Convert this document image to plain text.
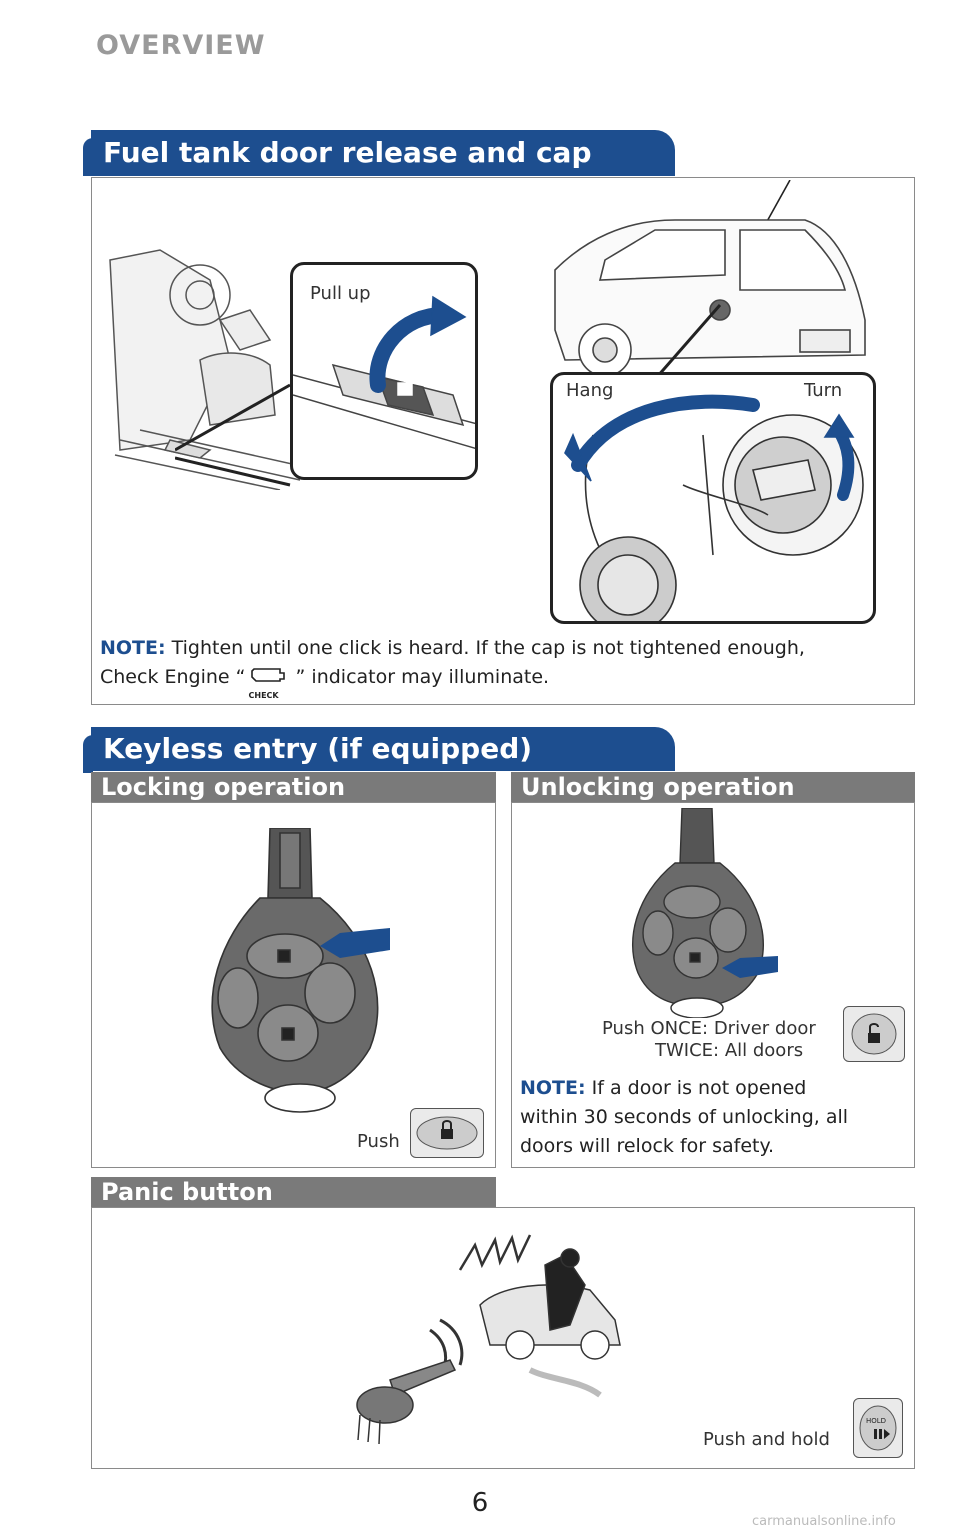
OVERVIEW
Fuel tank door release and cap
Pull up
Hang	Turn
NOTE: Tighten until one click is heard. If the cap is not tightened enough,
Check Engine “
CHECK
” indicator may illuminate.
Keyless entry (if equipped)
Locking operation
Push
Unlocking operation
Push ONCE: Driver door
TWICE: All doors
NOTE: If a door is not opened
within 30 seconds of unlocking, all
doors will relock for safety.
Panic button
Push and hold
HOLD
6
carmanualsonline.info
